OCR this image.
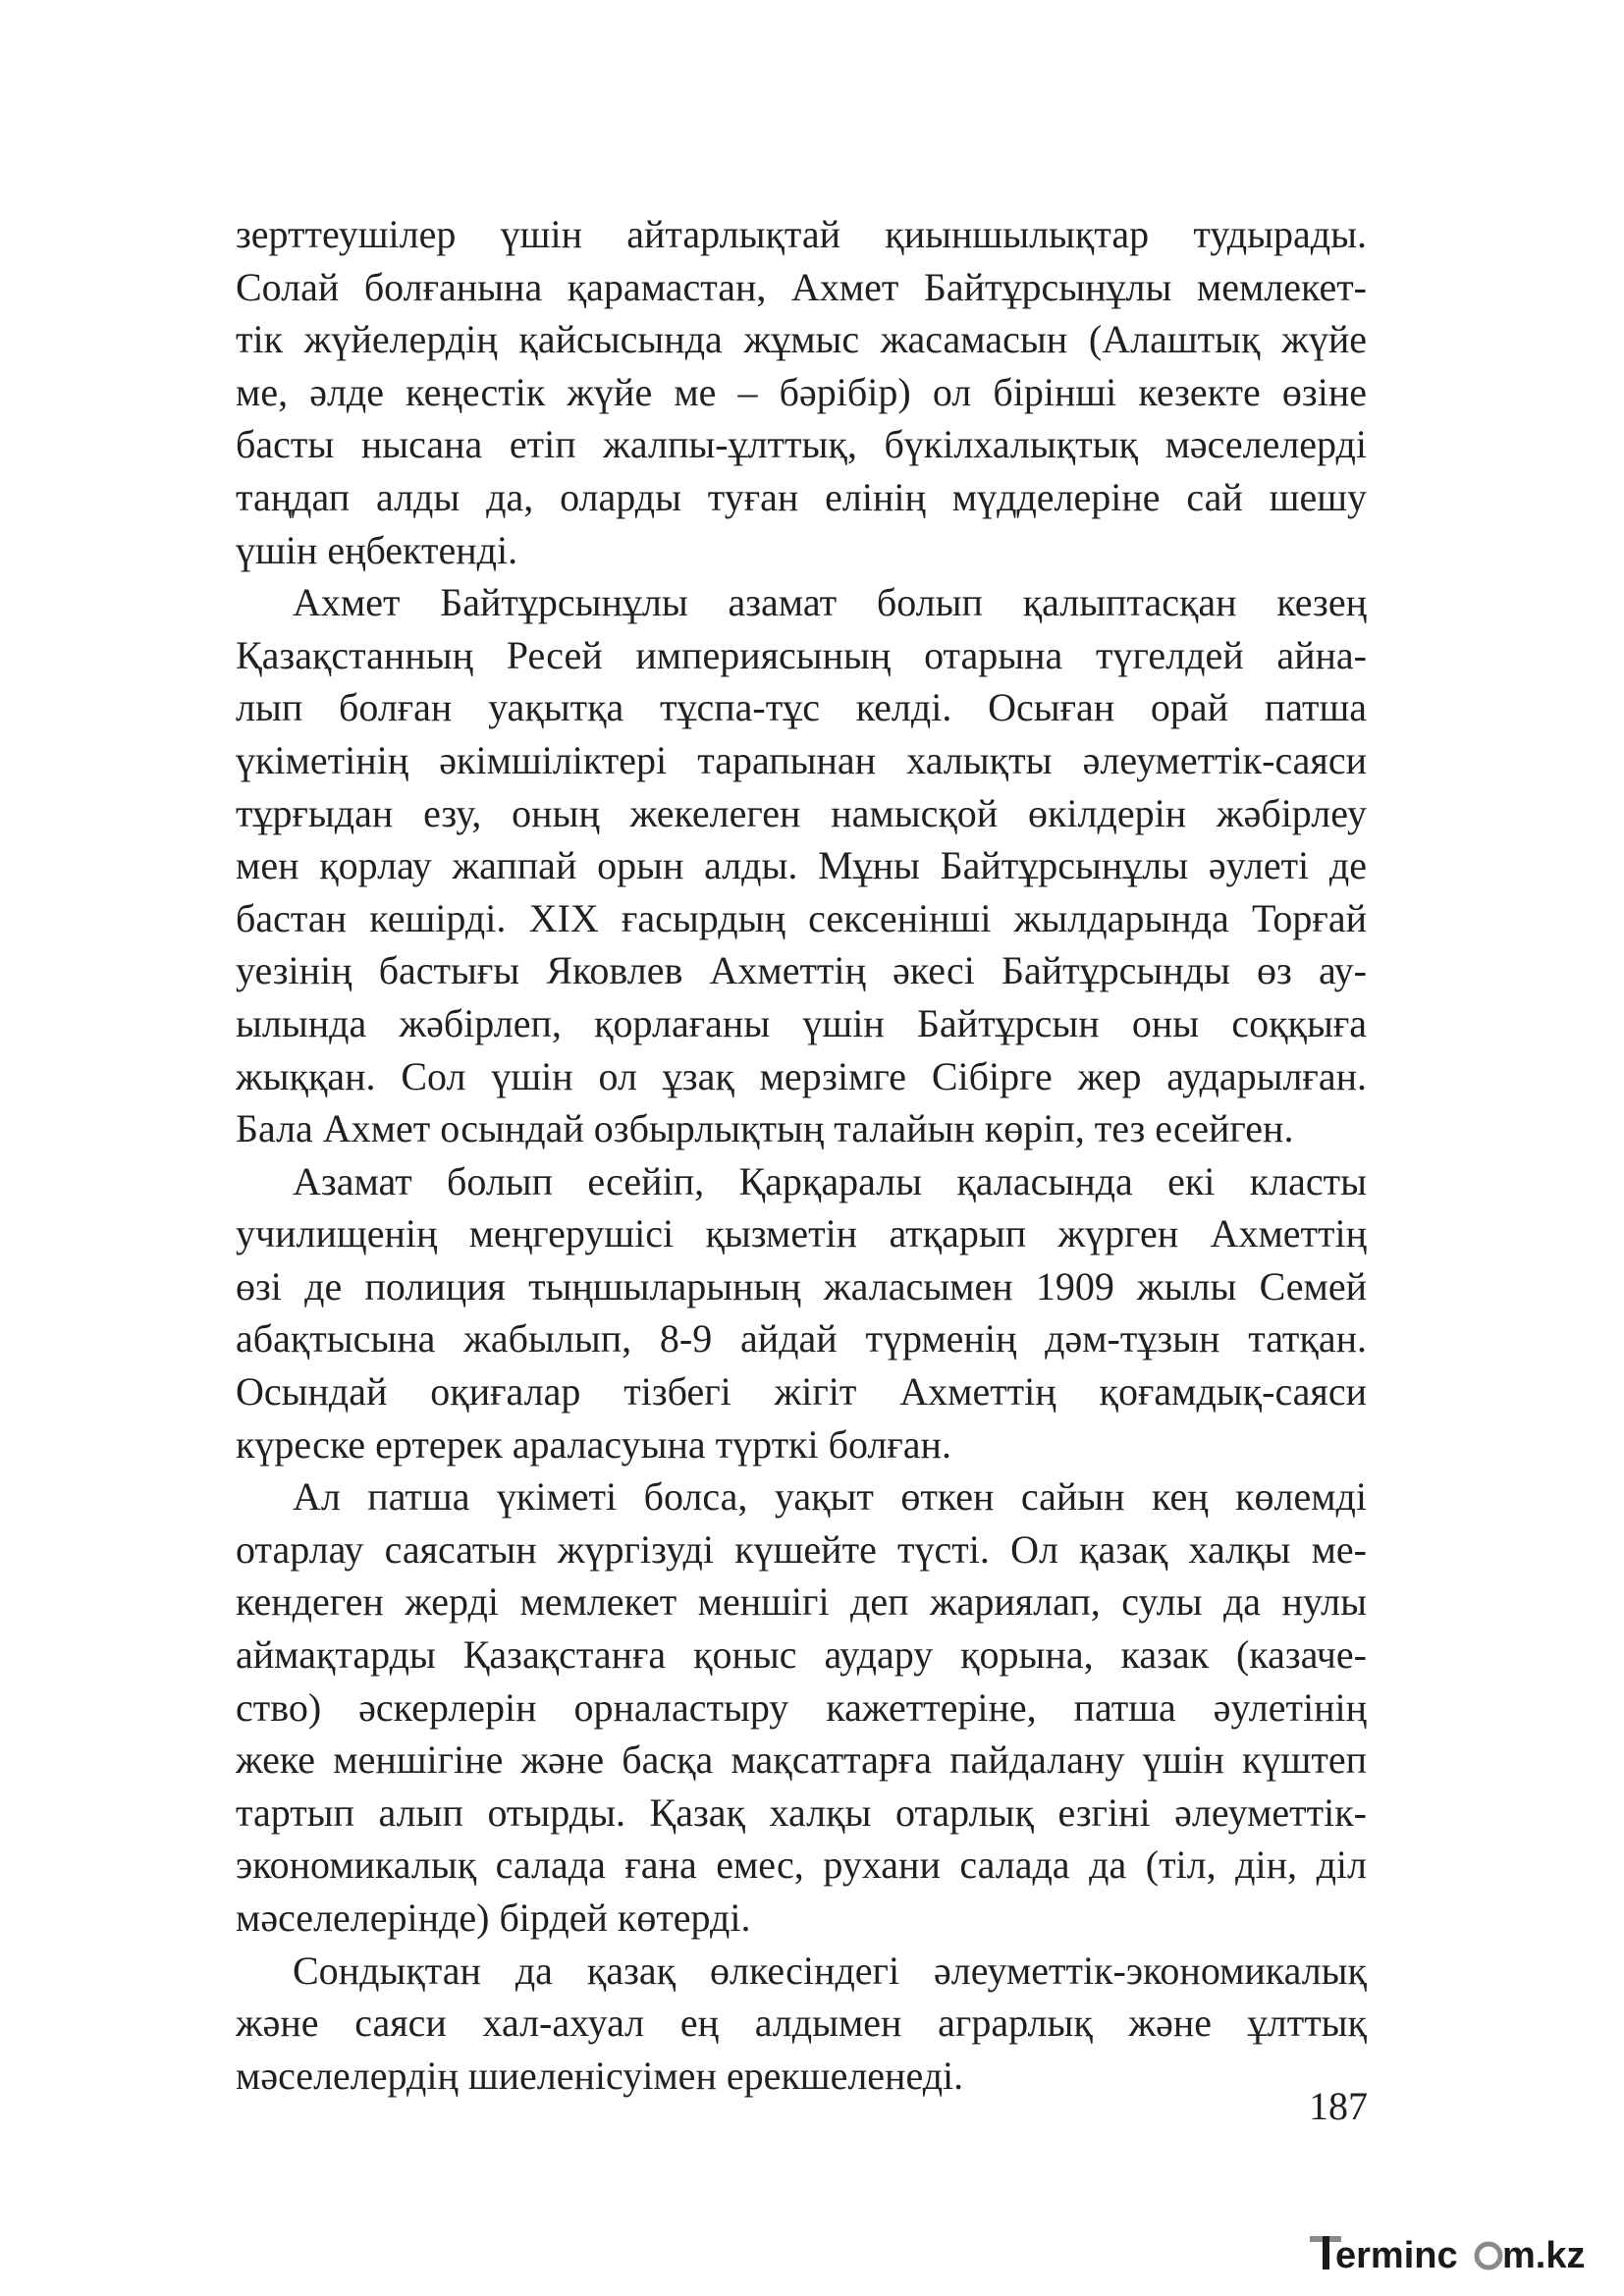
зерттеушілер үшін айтарлықтай қиыншылықтар тудырады.
Солай болғанына қарамастан, Ахмет Байтұрсынұлы мемлекет-
тік жүйелердің қайсысында жұмыс жасамасын (Алаштық жүйе
ме, әлде кеңестік жүйе ме – бәрібір) ол бірінші кезекте өзіне
басты нысана етіп жалпы-ұлттық, бүкілхалықтық мәселелерді
таңдап алды да, оларды туған елінің мүдделеріне сай шешу
үшін еңбектенді.
Ахмет Байтұрсынұлы азамат болып қалыптасқан кезең
Қазақстанның Ресей империясының отарына түгелдей айна-
лып болған уақытқа тұспа-тұс келді. Осыған орай патша
үкіметінің әкімшіліктері тарапынан халықты әлеуметтік-саяси
тұрғыдан езу, оның жекелеген намысқой өкілдерін жәбірлеу
мен қорлау жаппай орын алды. Мұны Байтұрсынұлы әулеті де
бастан кешірді. ХІХ ғасырдың сексенінші жылдарында Торғай
уезінің бастығы Яковлев Ахметтің әкесі Байтұрсынды өз ау-
ылында жәбірлеп, қорлағаны үшін Байтұрсын оны соққыға
жыққан. Сол үшін ол ұзақ мерзімге Сібірге жер аударылған.
Бала Ахмет осындай озбырлықтың талайын көріп, тез есейген.
Азамат болып есейіп, Қарқаралы қаласында екі класты
училищенің меңгерушісі қызметін атқарып жүрген Ахметтің
өзі де полиция тыңшыларының жаласымен 1909 жылы Семей
абақтысына жабылып, 8-9 айдай түрменің дәм-тұзын татқан.
Осындай оқиғалар тізбегі жігіт Ахметтің қоғамдық-саяси
күреске ертерек араласуына түрткі болған.
Ал патша үкіметі болса, уақыт өткен сайын кең көлемді
отарлау саясатын жүргізуді күшейте түсті. Ол қазақ халқы ме-
кендеген жерді мемлекет меншігі деп жариялап, сулы да нулы
аймақтарды Қазақстанға қоныс аудару қорына, казак (казаче-
ство) әскерлерін орналастыру кажеттеріне, патша әулетінің
жеке меншігіне және басқа мақсаттарға пайдалану үшін күштеп
тартып алып отырды. Қазақ халқы отарлық езгіні әлеуметтік-
экономикалық салада ғана емес, рухани салада да (тіл, дін, діл
мәселелерінде) бірдей көтерді.
Сондықтан да қазақ өлкесіндегі әлеуметтік-экономикалық
және саяси хал-ахуал ең алдымен аграрлық және ұлттық
мәселелердің шиеленісуімен ерекшеленеді.
187
erminc m.kz
